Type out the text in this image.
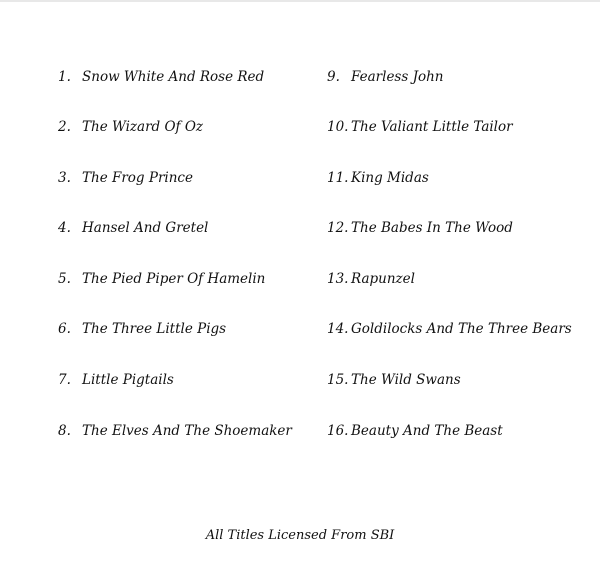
1. Snow White And Rose Red
2. The Wizard Of Oz
3. The Frog Prince
4. Hansel And Gretel
5. The Pied Piper Of Hamelin
6. The Three Little Pigs
7. Little Pigtails
8. The Elves And The Shoemaker
9. Fearless John
10. The Valiant Little Tailor
11. King Midas
12. The Babes In The Wood
13. Rapunzel
14. Goldilocks And The Three Bears
15. The Wild Swans
16. Beauty And The Beast
All Titles Licensed From SBI
